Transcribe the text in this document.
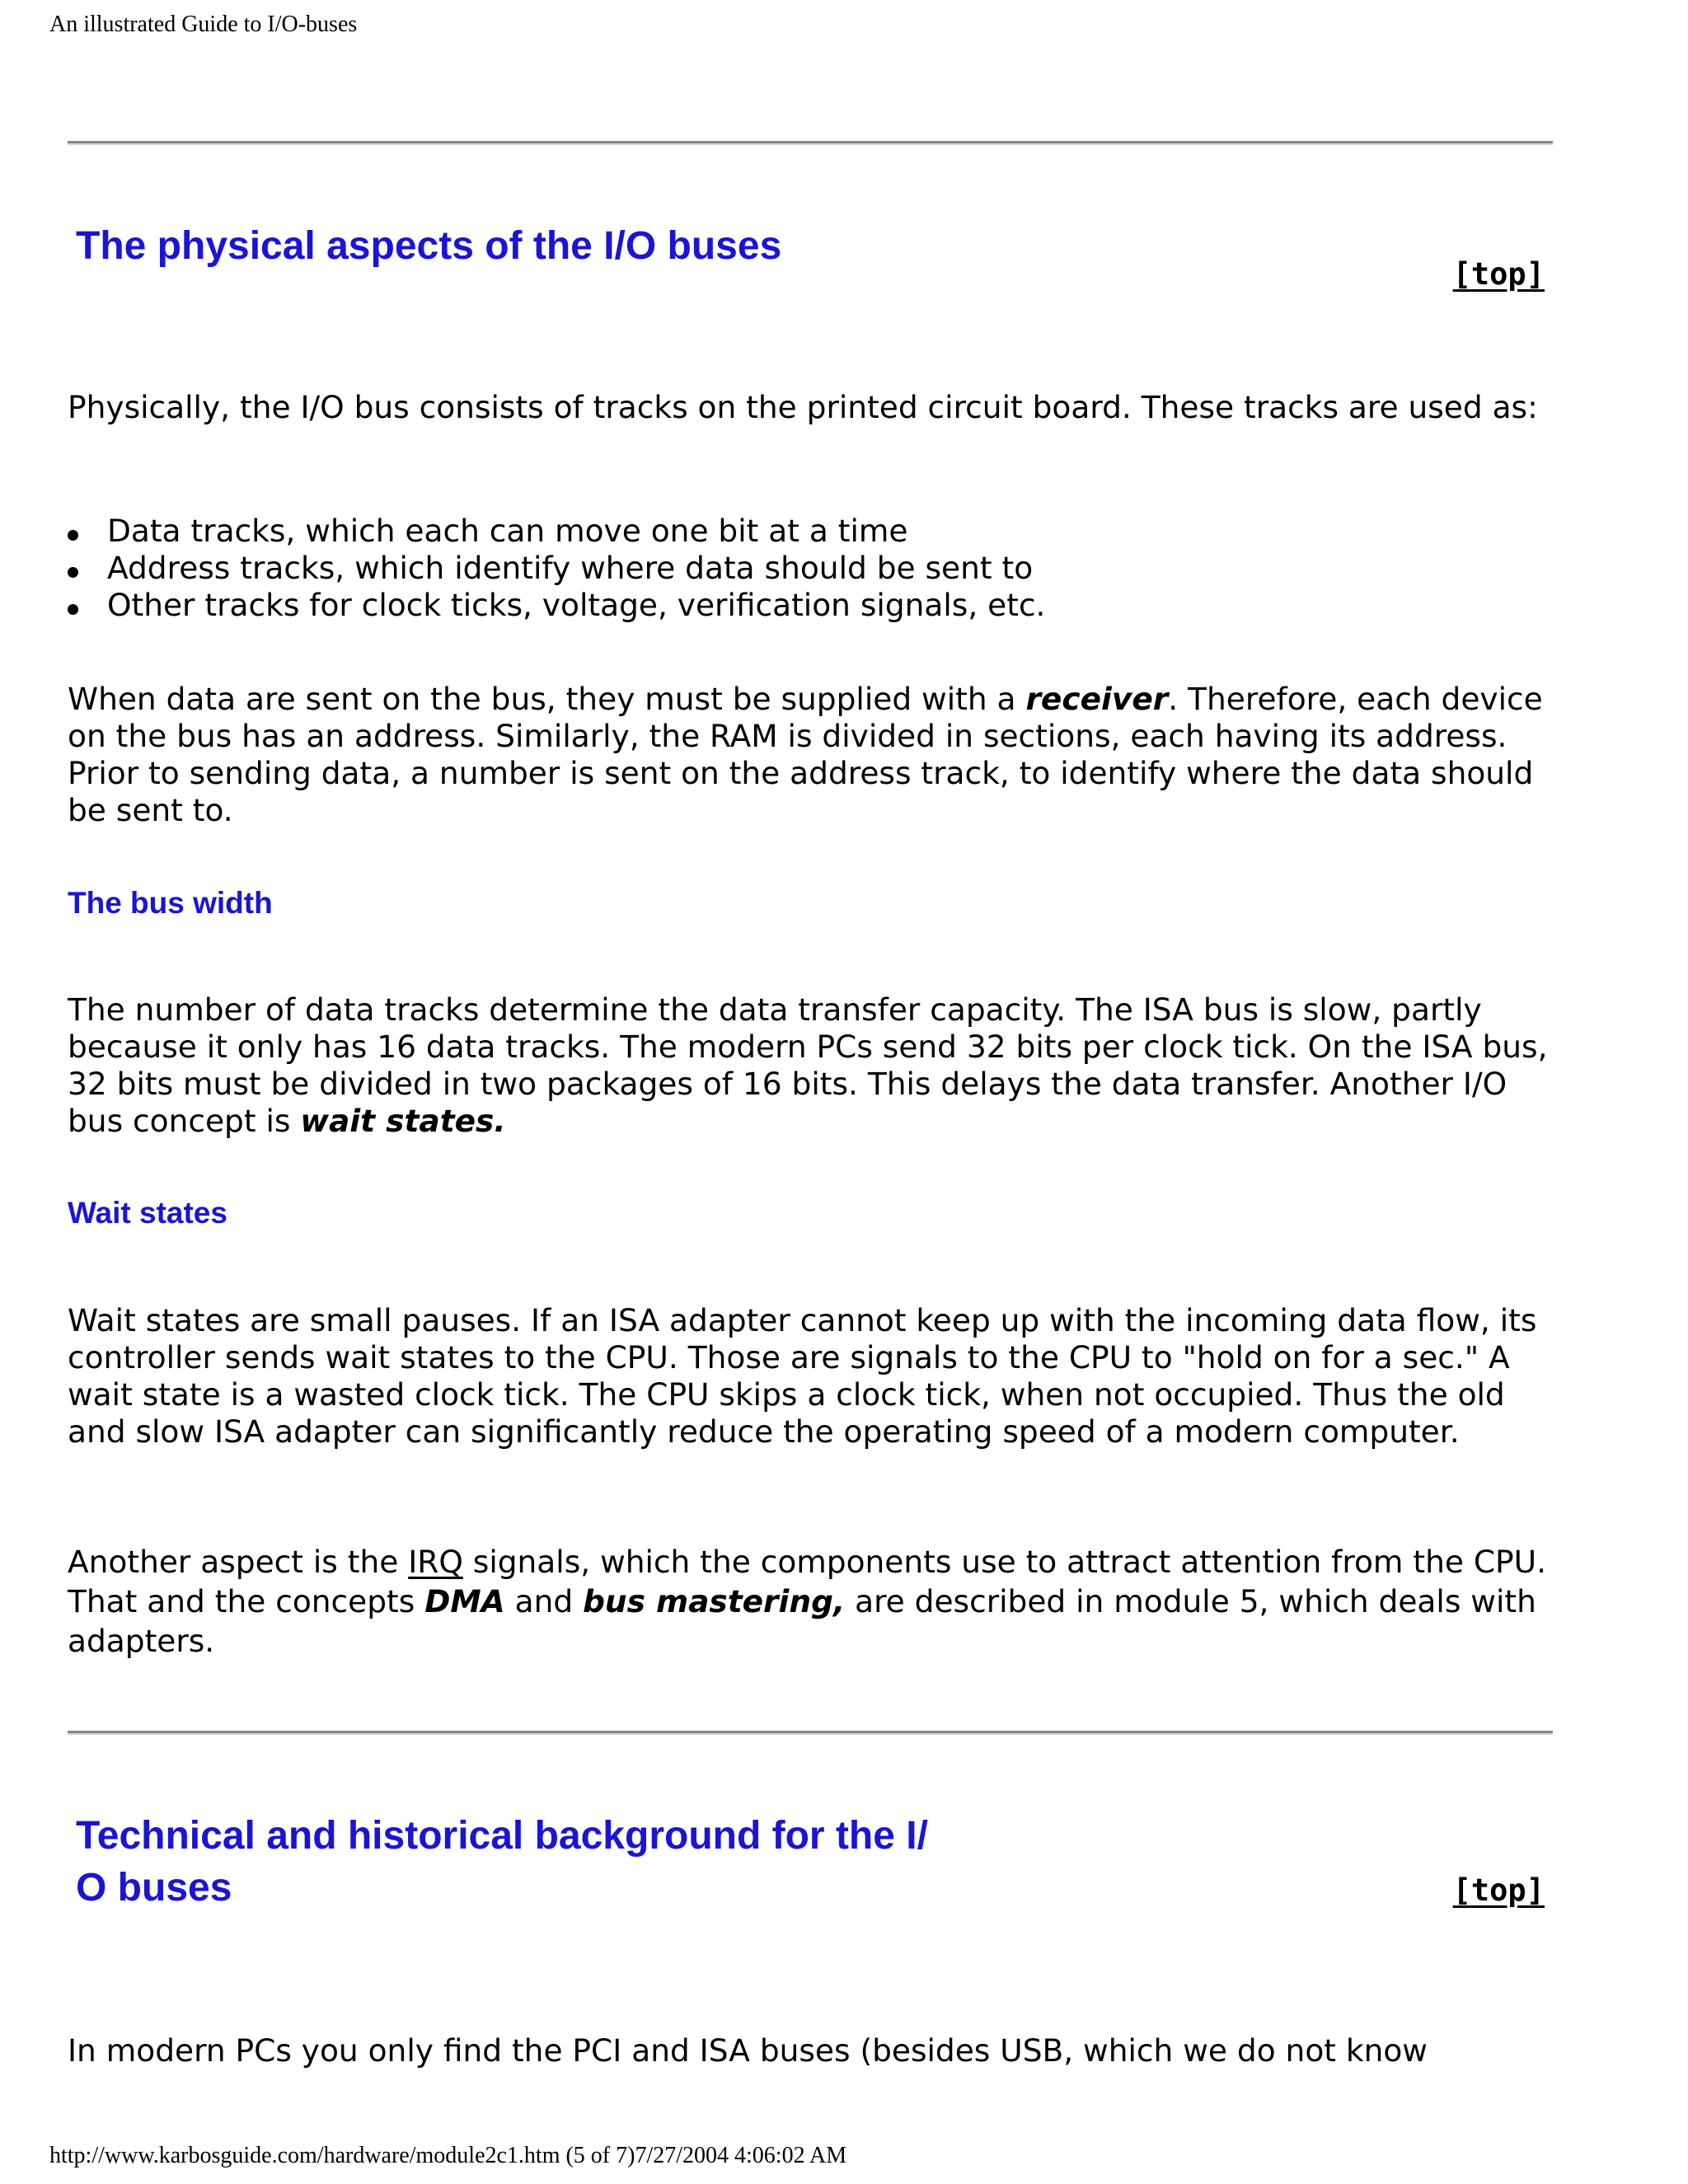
An illustrated Guide to I/O-buses
The physical aspects of the I/O buses
[top]

Physically, the I/O bus consists of tracks on the printed circuit board. These tracks are used as:

Data tracks, which each can move one bit at a time
Address tracks, which identify where data should be sent to
Other tracks for clock ticks, voltage, verification signals, etc.

When data are sent on the bus, they must be supplied with a receiver. Therefore, each device on the bus has an address. Similarly, the RAM is divided in sections, each having its address. Prior to sending data, a number is sent on the address track, to identify where the data should be sent to.

The bus width

The number of data tracks determine the data transfer capacity. The ISA bus is slow, partly because it only has 16 data tracks. The modern PCs send 32 bits per clock tick. On the ISA bus, 32 bits must be divided in two packages of 16 bits. This delays the data transfer. Another I/O bus concept is wait states.

Wait states

Wait states are small pauses. If an ISA adapter cannot keep up with the incoming data flow, its controller sends wait states to the CPU. Those are signals to the CPU to "hold on for a sec." A wait state is a wasted clock tick. The CPU skips a clock tick, when not occupied. Thus the old and slow ISA adapter can significantly reduce the operating speed of a modern computer.

Another aspect is the IRQ signals, which the components use to attract attention from the CPU. That and the concepts DMA and bus mastering, are described in module 5, which deals with adapters.

Technical and historical background for the I/
O buses	[top]

In modern PCs you only find the PCI and ISA buses (besides USB, which we do not know

http://www.karbosguide.com/hardware/module2c1.htm (5 of 7)7/27/2004 4:06:02 AM
